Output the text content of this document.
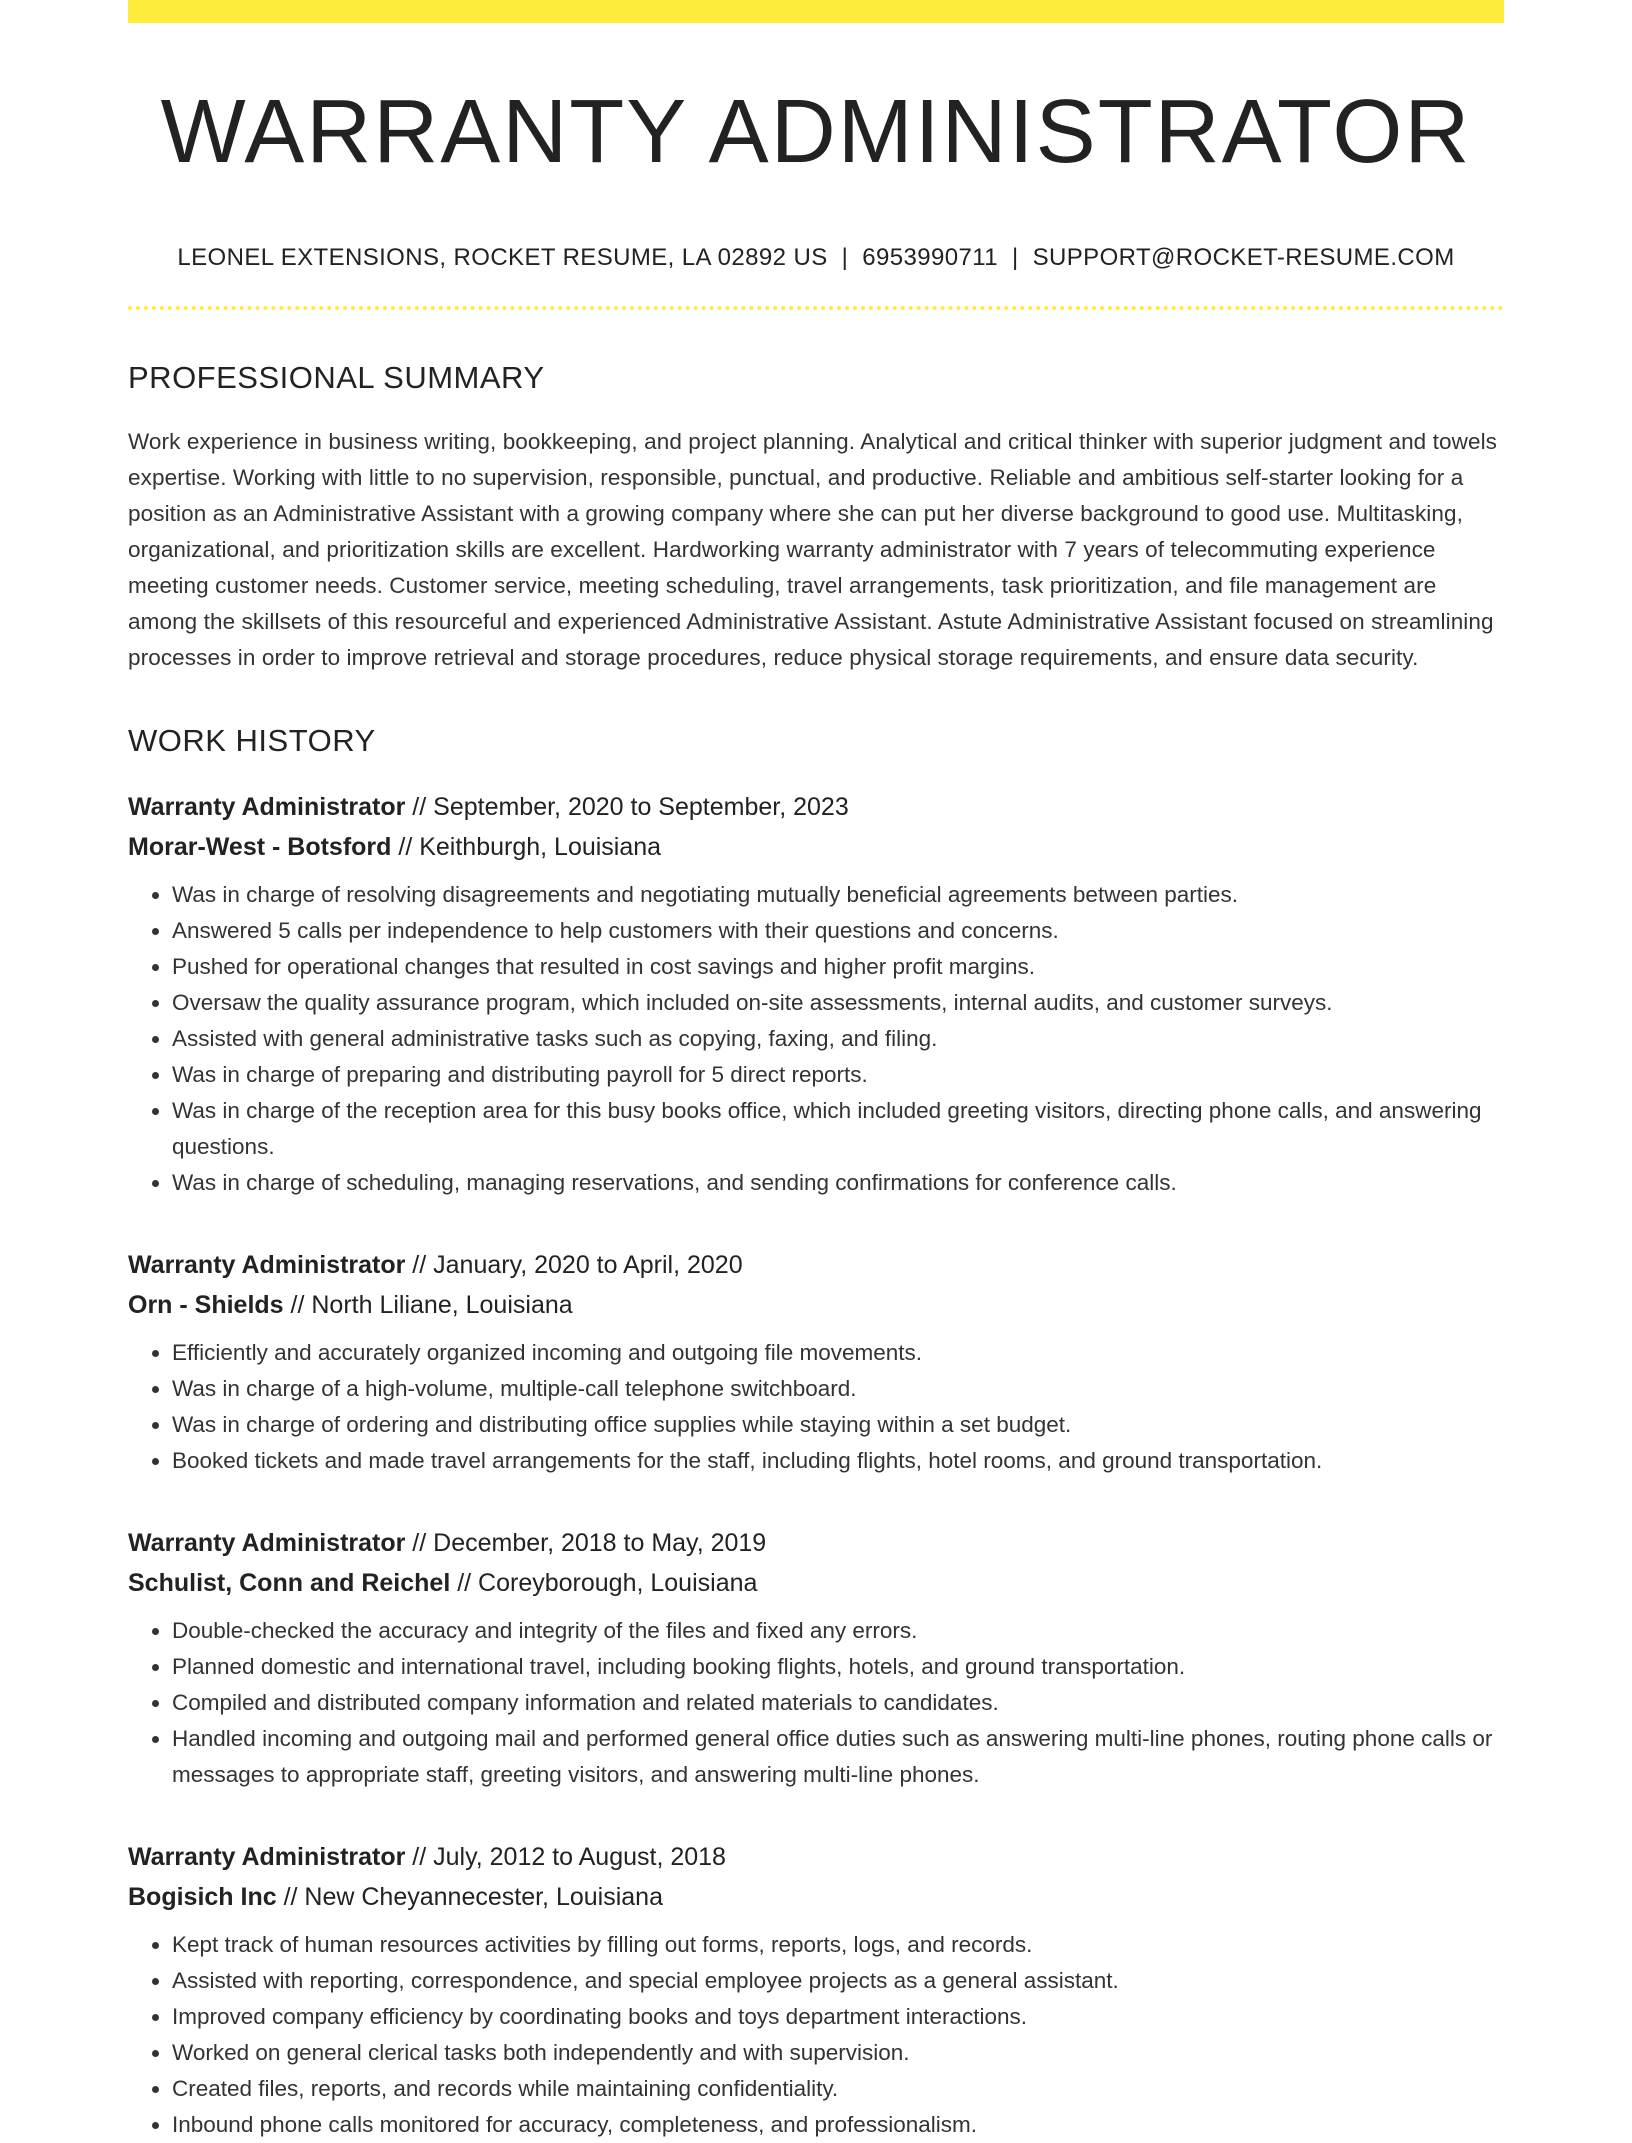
WARRANTY ADMINISTRATOR
LEONEL EXTENSIONS, ROCKET RESUME, LA 02892 US | 6953990711 | SUPPORT@ROCKET-RESUME.COM
PROFESSIONAL SUMMARY

Work experience in business writing, bookkeeping, and project planning. Analytical and critical thinker with superior judgment and towels expertise. Working with little to no supervision, responsible, punctual, and productive. Reliable and ambitious self-starter looking for a position as an Administrative Assistant with a growing company where she can put her diverse background to good use. Multitasking, organizational, and prioritization skills are excellent. Hardworking warranty administrator with 7 years of telecommuting experience meeting customer needs. Customer service, meeting scheduling, travel arrangements, task prioritization, and file management are among the skillsets of this resourceful and experienced Administrative Assistant. Astute Administrative Assistant focused on streamlining processes in order to improve retrieval and storage procedures, reduce physical storage requirements, and ensure data security.

WORK HISTORY
Warranty Administrator // September, 2020 to September, 2023
Morar-West - Botsford // Keithburgh, Louisiana
• Was in charge of resolving disagreements and negotiating mutually beneficial agreements between parties.
• Answered 5 calls per independence to help customers with their questions and concerns.
• Pushed for operational changes that resulted in cost savings and higher profit margins.
• Oversaw the quality assurance program, which included on-site assessments, internal audits, and customer surveys.
• Assisted with general administrative tasks such as copying, faxing, and filing.
• Was in charge of preparing and distributing payroll for 5 direct reports.
• Was in charge of the reception area for this busy books office, which included greeting visitors, directing phone calls, and answering questions.
• Was in charge of scheduling, managing reservations, and sending confirmations for conference calls.
Warranty Administrator // January, 2020 to April, 2020
Orn - Shields // North Liliane, Louisiana
• Efficiently and accurately organized incoming and outgoing file movements.
• Was in charge of a high-volume, multiple-call telephone switchboard.
• Was in charge of ordering and distributing office supplies while staying within a set budget.
• Booked tickets and made travel arrangements for the staff, including flights, hotel rooms, and ground transportation.
Warranty Administrator // December, 2018 to May, 2019
Schulist, Conn and Reichel // Coreyborough, Louisiana
• Double-checked the accuracy and integrity of the files and fixed any errors.
• Planned domestic and international travel, including booking flights, hotels, and ground transportation.
• Compiled and distributed company information and related materials to candidates.
• Handled incoming and outgoing mail and performed general office duties such as answering multi-line phones, routing phone calls or messages to appropriate staff, greeting visitors, and answering multi-line phones.
Warranty Administrator // July, 2012 to August, 2018
Bogisich Inc // New Cheyannecester, Louisiana
• Kept track of human resources activities by filling out forms, reports, logs, and records.
• Assisted with reporting, correspondence, and special employee projects as a general assistant.
• Improved company efficiency by coordinating books and toys department interactions.
• Worked on general clerical tasks both independently and with supervision.
• Created files, reports, and records while maintaining confidentiality.
• Inbound phone calls monitored for accuracy, completeness, and professionalism.
